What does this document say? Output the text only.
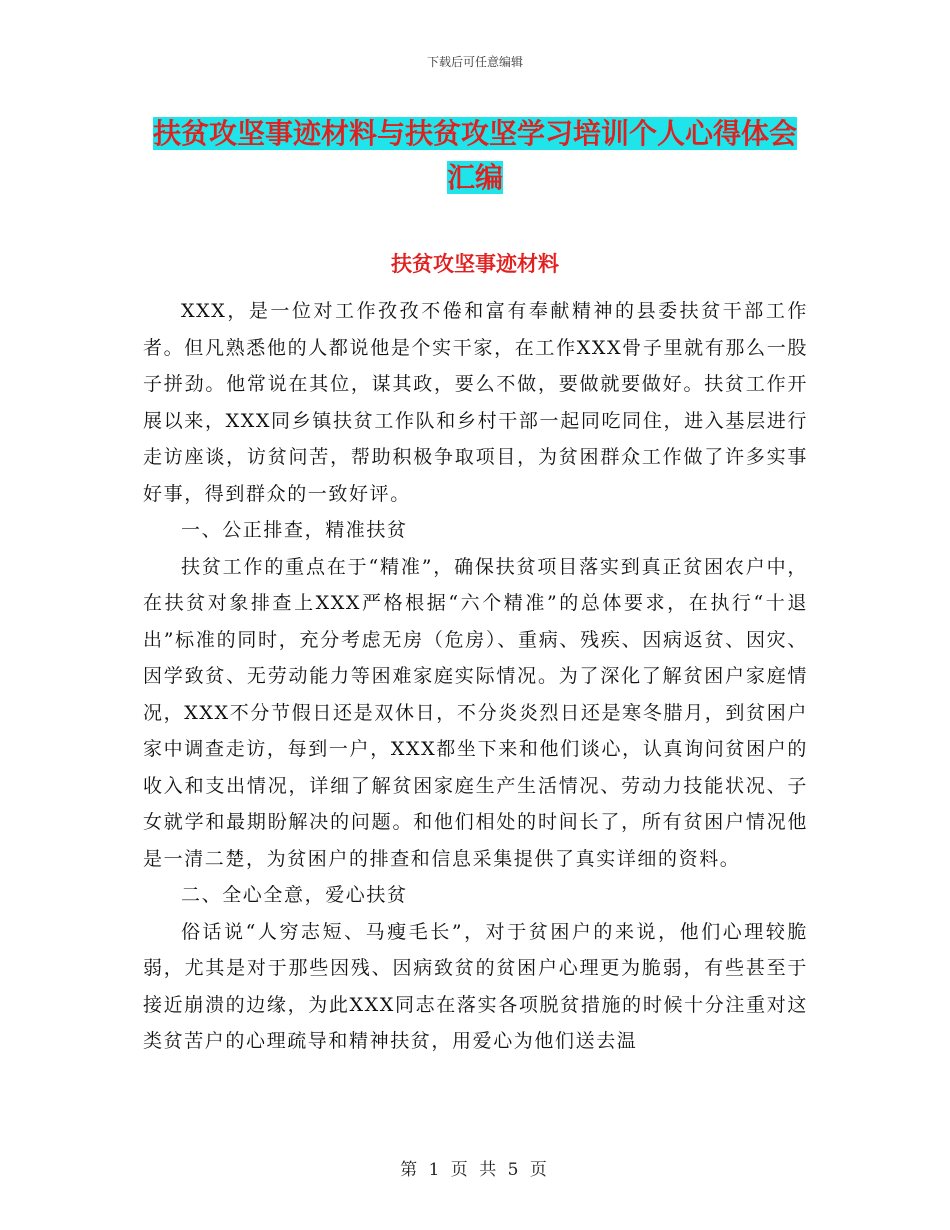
下载后可任意编辑
扶贫攻坚事迹材料与扶贫攻坚学习培训个人心得体会汇编
扶贫攻坚事迹材料

XXX，是一位对工作孜孜不倦和富有奉献精神的县委扶贫干部工作者。但凡熟悉他的人都说他是个实干家，在工作XXX骨子里就有那么一股子拼劲。他常说在其位，谋其政，要么不做，要做就要做好。扶贫工作开展以来，XXX同乡镇扶贫工作队和乡村干部一起同吃同住，进入基层进行走访座谈，访贫问苦，帮助积极争取项目，为贫困群众工作做了许多实事好事，得到群众的一致好评。

一、公正排查，精准扶贫

扶贫工作的重点在于“精准”，确保扶贫项目落实到真正贫困农户中，在扶贫对象排查上XXX严格根据“六个精准”的总体要求，在执行“十退出”标准的同时，充分考虑无房（危房）、重病、残疾、因病返贫、因灾、因学致贫、无劳动能力等困难家庭实际情况。为了深化了解贫困户家庭情况，XXX不分节假日还是双休日，不分炎炎烈日还是寒冬腊月，到贫困户家中调查走访，每到一户，XXX都坐下来和他们谈心，认真询问贫困户的收入和支出情况，详细了解贫困家庭生产生活情况、劳动力技能状况、子女就学和最期盼解决的问题。和他们相处的时间长了，所有贫困户情况他是一清二楚，为贫困户的排查和信息采集提供了真实详细的资料。

二、全心全意，爱心扶贫

俗话说“人穷志短、马瘦毛长”，对于贫困户的来说，他们心理较脆弱，尤其是对于那些因残、因病致贫的贫困户心理更为脆弱，有些甚至于接近崩溃的边缘，为此XXX同志在落实各项脱贫措施的时候十分注重对这类贫苦户的心理疏导和精神扶贫，用爱心为他们送去温

第 1 页 共 5 页
